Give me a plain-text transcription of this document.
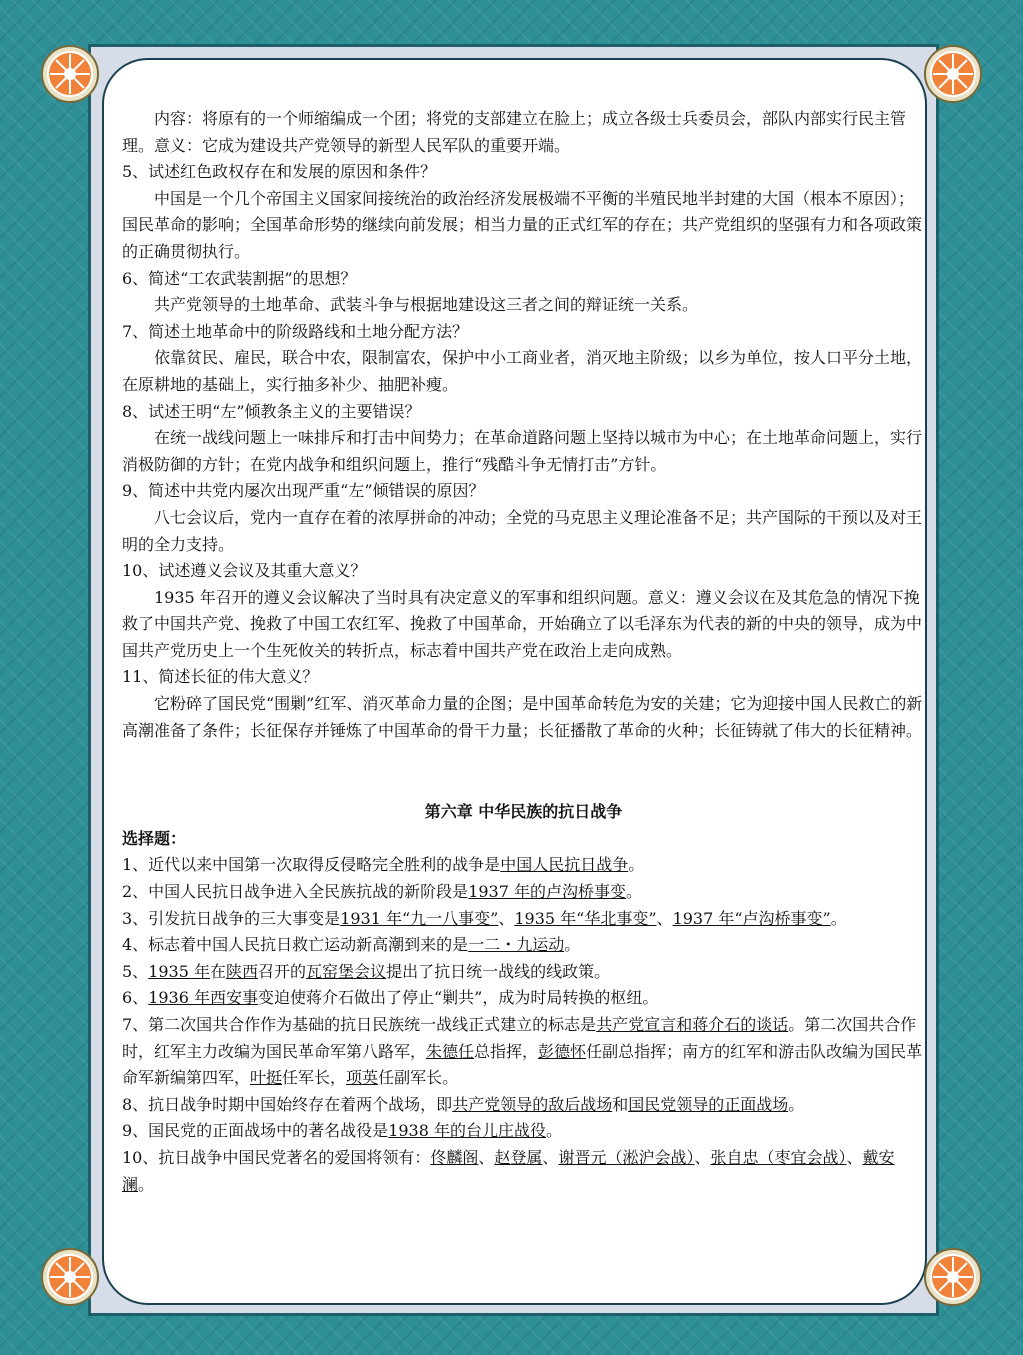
内容：将原有的一个师缩编成一个团；将党的支部建立在脸上；成立各级士兵委员会，部队内部实行民主管理。意义：它成为建设共产党领导的新型人民军队的重要开端。

5、试述红色政权存在和发展的原因和条件？

中国是一个几个帝国主义国家间接统治的政治经济发展极端不平衡的半殖民地半封建的大国（根本不原因）；国民革命的影响；全国革命形势的继续向前发展；相当力量的正式红军的存在；共产党组织的坚强有力和各项政策的正确贯彻执行。

6、简述“工农武装割据”的思想？

共产党领导的土地革命、武装斗争与根据地建设这三者之间的辩证统一关系。

7、简述土地革命中的阶级路线和土地分配方法？

依靠贫民、雇民，联合中农，限制富农，保护中小工商业者，消灭地主阶级；以乡为单位，按人口平分土地，在原耕地的基础上，实行抽多补少、抽肥补瘦。

8、试述王明“左”倾教条主义的主要错误？

在统一战线问题上一味排斥和打击中间势力；在革命道路问题上坚持以城市为中心；在土地革命问题上，实行消极防御的方针；在党内战争和组织问题上，推行“残酷斗争无情打击”方针。

9、简述中共党内屡次出现严重“左”倾错误的原因？

八七会议后，党内一直存在着的浓厚拼命的冲动；全党的马克思主义理论准备不足；共产国际的干预以及对王明的全力支持。

10、试述遵义会议及其重大意义？

1935 年召开的遵义会议解决了当时具有决定意义的军事和组织问题。意义：遵义会议在及其危急的情况下挽救了中国共产党、挽救了中国工农红军、挽救了中国革命，开始确立了以毛泽东为代表的新的中央的领导，成为中国共产党历史上一个生死攸关的转折点，标志着中国共产党在政治上走向成熟。

11、简述长征的伟大意义？

它粉碎了国民党“围剿”红军、消灭革命力量的企图；是中国革命转危为安的关建；它为迎接中国人民救亡的新高潮准备了条件；长征保存并锤炼了中国革命的骨干力量；长征播散了革命的火种；长征铸就了伟大的长征精神。

第六章 中华民族的抗日战争

选择题：

1、近代以来中国第一次取得反侵略完全胜利的战争是中国人民抗日战争。

2、中国人民抗日战争进入全民族抗战的新阶段是1937 年的卢沟桥事变。

3、引发抗日战争的三大事变是1931 年“九一八事变”、1935 年“华北事变”、1937 年“卢沟桥事变”。

4、标志着中国人民抗日救亡运动新高潮到来的是一二・九运动。

5、1935 年在陕西召开的瓦窑堡会议提出了抗日统一战线的线政策。

6、1936 年西安事变迫使蒋介石做出了停止“剿共”，成为时局转换的枢纽。

7、第二次国共合作作为基础的抗日民族统一战线正式建立的标志是共产党宣言和蒋介石的谈话。第二次国共合作时，红军主力改编为国民革命军第八路军，朱德任总指挥，彭德怀任副总指挥；南方的红军和游击队改编为国民革命军新编第四军，叶挺任军长，项英任副军长。

8、抗日战争时期中国始终存在着两个战场，即共产党领导的敌后战场和国民党领导的正面战场。

9、国民党的正面战场中的著名战役是1938 年的台儿庄战役。

10、抗日战争中国民党著名的爱国将领有：佟麟阁、赵登属、谢晋元（淞沪会战）、张自忠（枣宜会战）、戴安澜。
